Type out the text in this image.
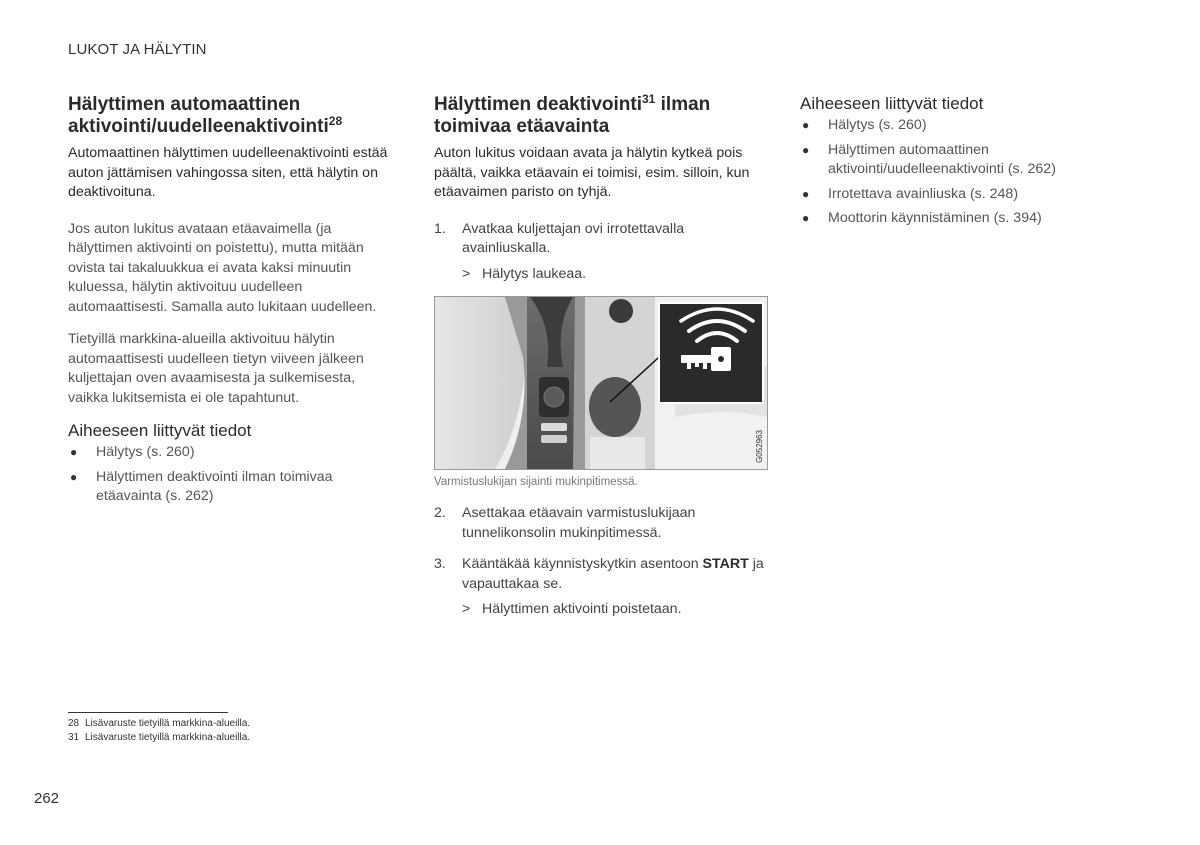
LUKOT JA HÄLYTIN
Hälyttimen automaattinen
aktivointi/uudelleenaktivointi$^{28}$

Automaattinen hälyttimen uudelleenaktivointi estää auton jättämisen vahingossa siten, että hälytin on deaktivoituna.

Jos auton lukitus avataan etäavaimella (ja hälyttimen aktivointi on poistettu), mutta mitään ovista tai takaluukkua ei avata kaksi minuutin kuluessa, hälytin aktivoituu uudelleen automaattisesti. Samalla auto lukitaan uudelleen.

Tietyillä markkina-alueilla aktivoituu hälytin automaattisesti uudelleen tietyn viiveen jälkeen kuljettajan oven avaamisesta ja sulkemisesta, vaikka lukitsemista ei ole tapahtunut.

Aiheeseen liittyvät tiedot
● Hälytys (s. 260)
● Hälyttimen deaktivointi ilman toimivaa etäavainta (s. 262)
Hälyttimen deaktivointi$^{31}$ ilman
toimivaa etäavainta

Auton lukitus voidaan avata ja hälytin kytkeä pois päältä, vaikka etäavain ei toimisi, esim. silloin, kun etäavaimen paristo on tyhjä.

1. Avatkaa kuljettajan ovi irrotettavalla avainliuskalla.
> Hälytys laukeaa.
G052963
Varmistuslukijan sijainti mukinpitimessä.
2. Asettakaa etäavain varmistuslukijaan tunnelikonsolin mukinpitimessä.
3. Kääntäkää käynnistyskytkin asentoon START ja vapauttakaa se.
> Hälyttimen aktivointi poistetaan.
Aiheeseen liittyvät tiedot
● Hälytys (s. 260)
● Hälyttimen automaattinen aktivointi/uudelleenaktivointi (s. 262)
● Irrotettava avainliuska (s. 248)
● Moottorin käynnistäminen (s. 394)
28 Lisävaruste tietyillä markkina-alueilla.
31 Lisävaruste tietyillä markkina-alueilla.
262
